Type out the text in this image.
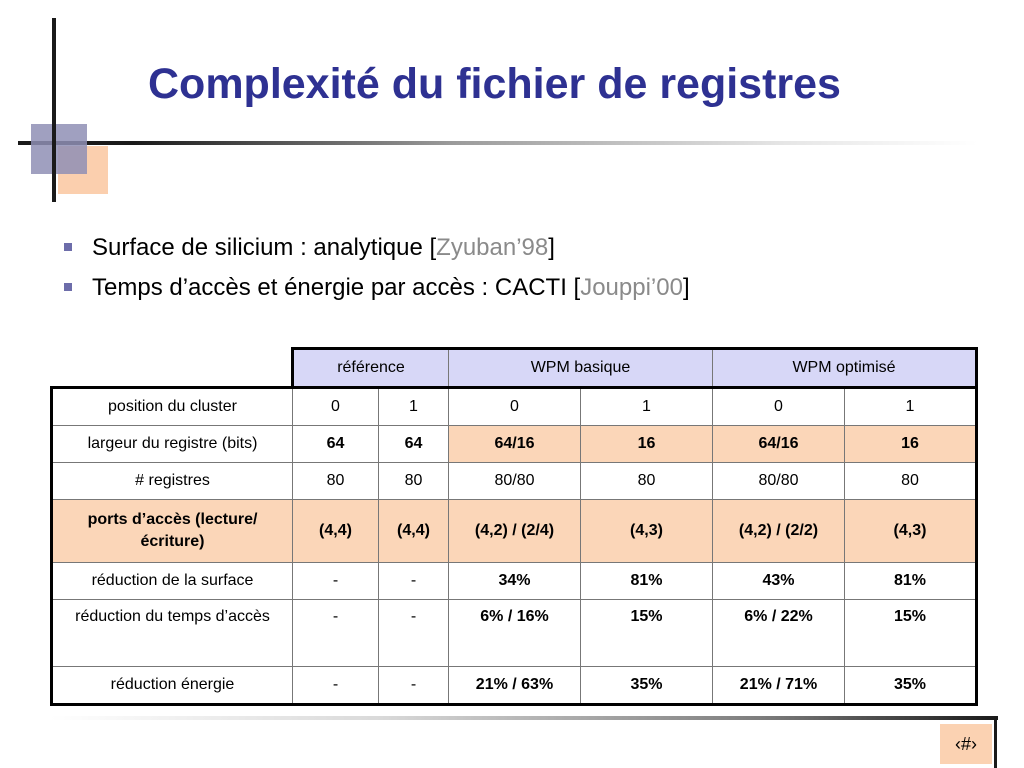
Complexité du fichier de registres
Surface de silicium : analytique [Zyuban’98]
Temps d’accès et énergie par accès : CACTI [Jouppi’00]
	référence		WPM basique		WPM optimisé	
position du cluster	0	1	0	1	0	1
largeur du registre (bits)	64	64	64/16	16	64/16	16
# registres	80	80	80/80	80	80/80	80
ports d’accès (lecture/écriture)	(4,4)	(4,4)	(4,2) / (2/4)	(4,3)	(4,2) / (2/2)	(4,3)
réduction de la surface	-	-	34%	81%	43%	81%
réduction du temps d’accès	-	-	6% / 16%	15%	6% / 22%	15%
réduction énergie	-	-	21% / 63%	35%	21% / 71%	35%
‹#›
